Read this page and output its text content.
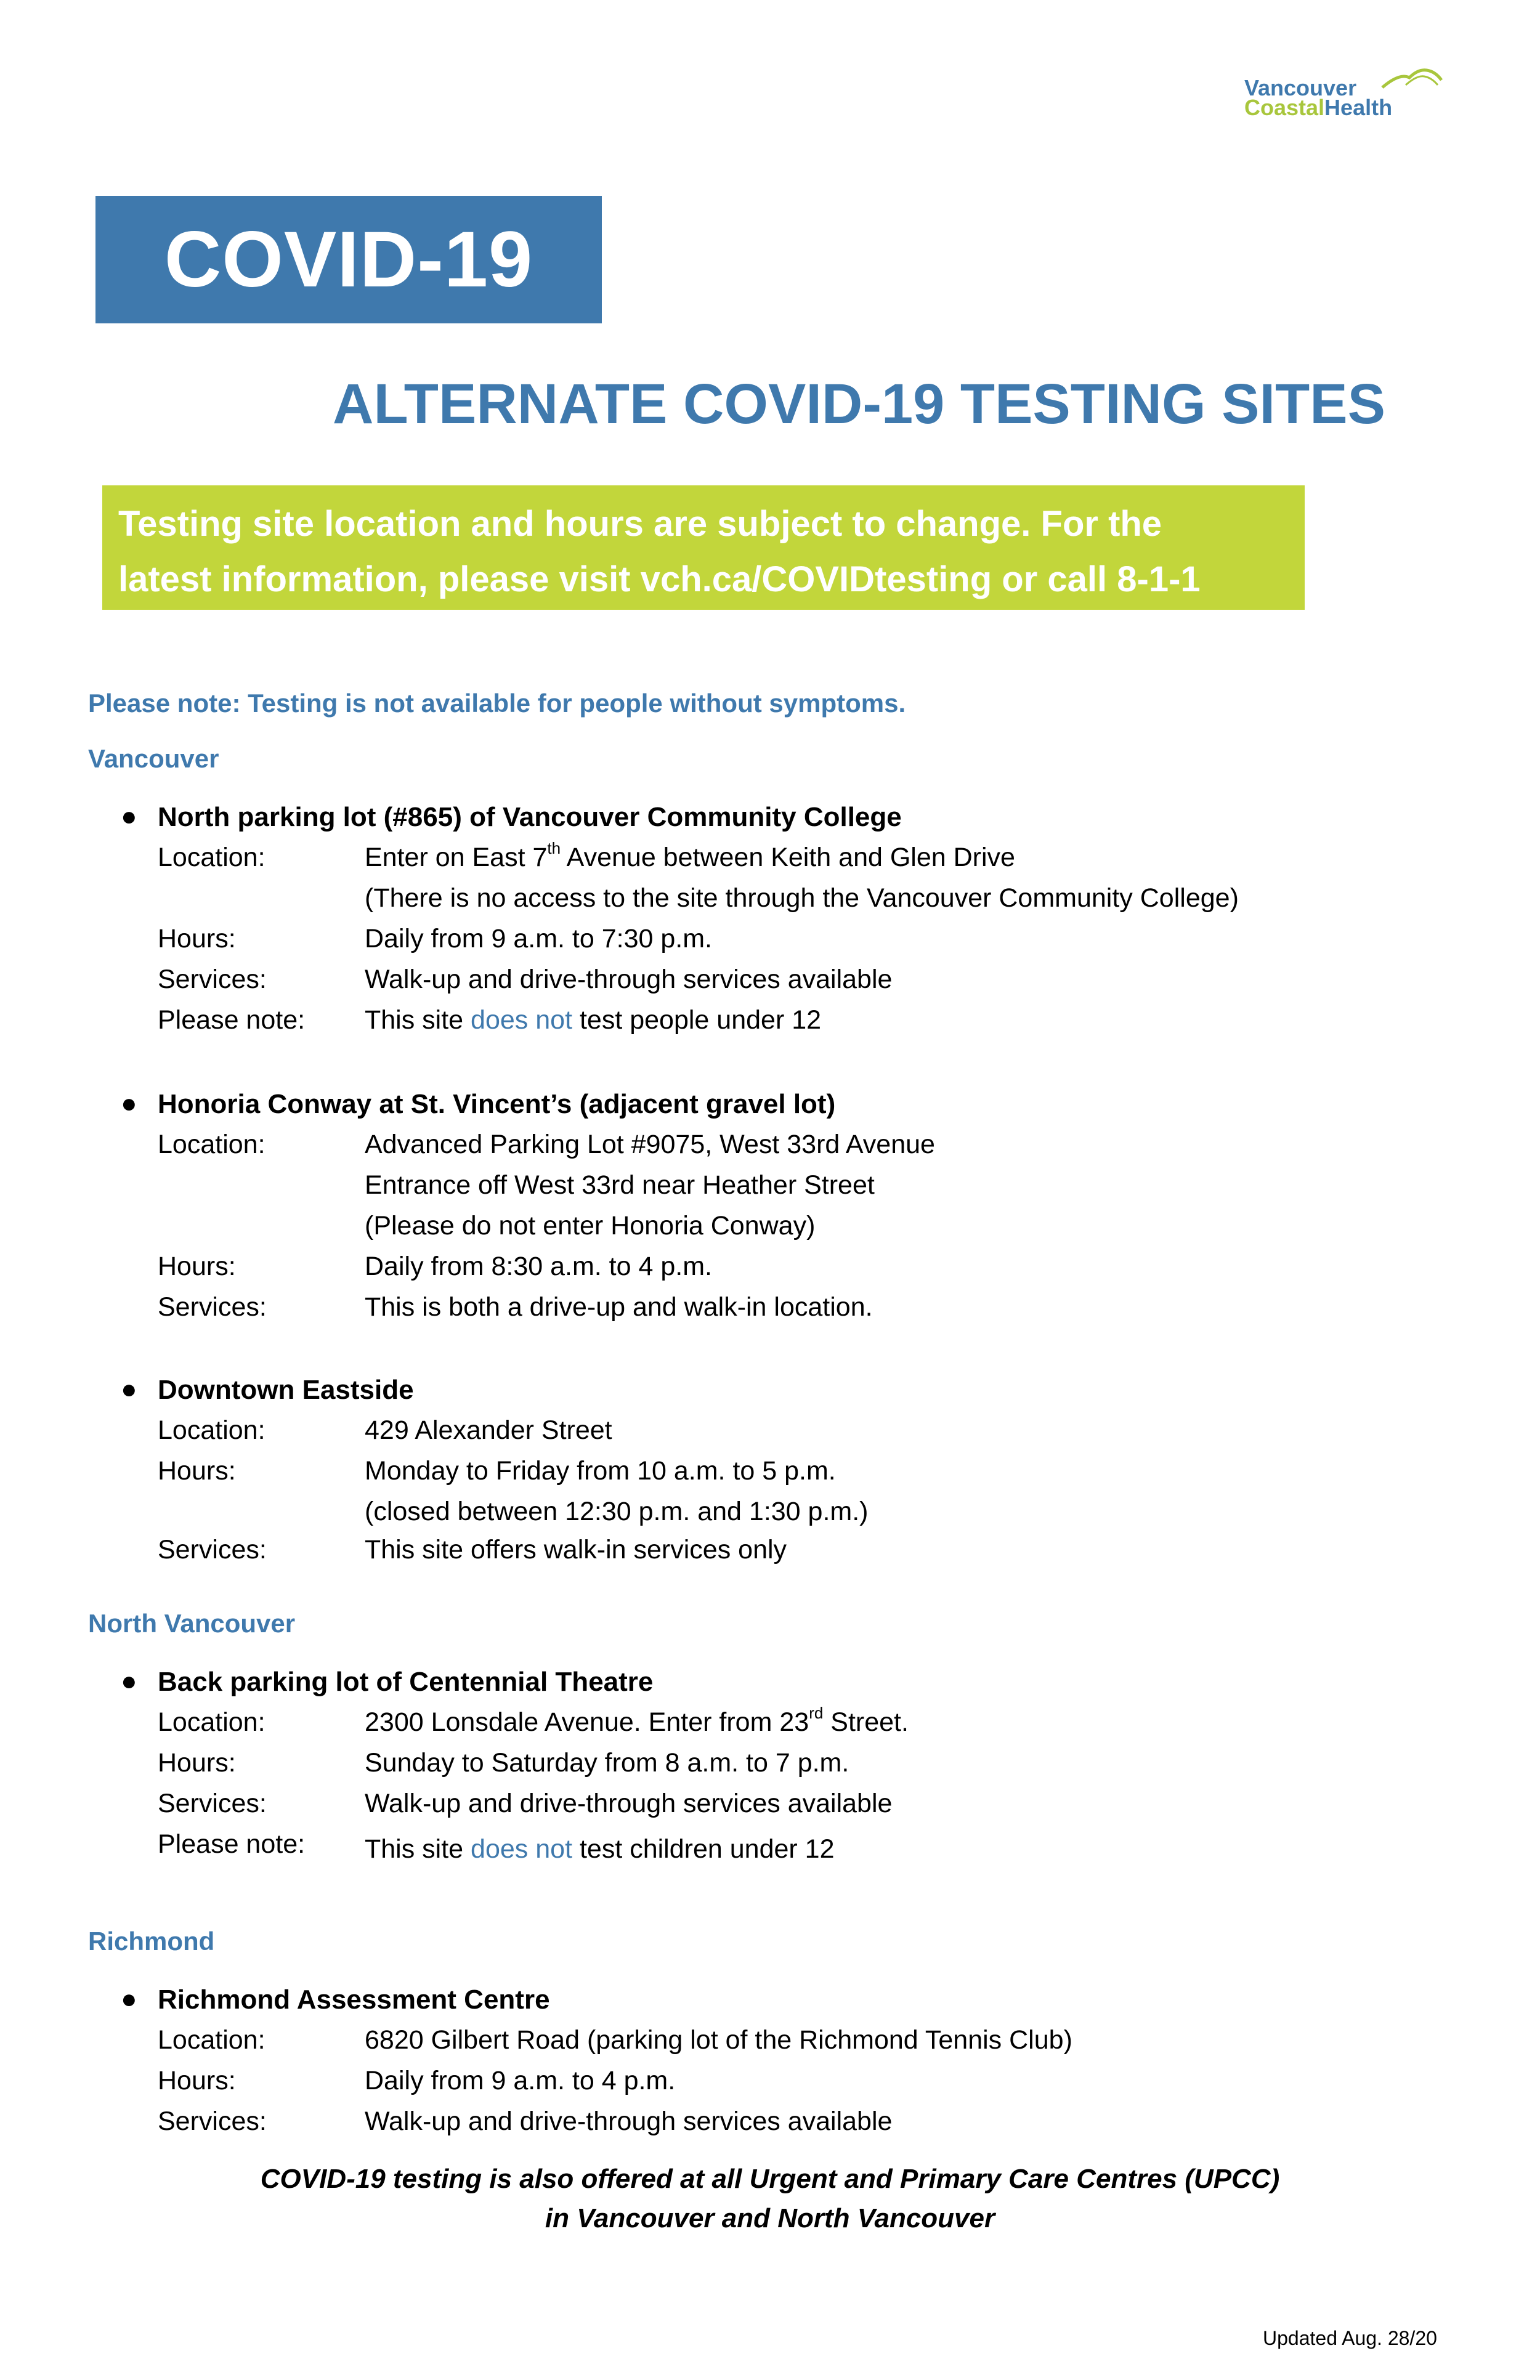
Vancouver
CoastalHealth
COVID-19
ALTERNATE COVID-19 TESTING SITES
Testing site location and hours are subject to change. For the
latest information, please visit vch.ca/COVIDtesting or call 8-1-1
Please note: Testing is not available for people without symptoms.
Vancouver
● North parking lot (#865) of Vancouver Community College
Location:	Enter on East 7th Avenue between Keith and Glen Drive
(There is no access to the site through the Vancouver Community College)
Hours:	Daily from 9 a.m. to 7:30 p.m.
Services:	Walk-up and drive-through services available
Please note: This site does not test people under 12
● Honoria Conway at St. Vincent’s (adjacent gravel lot)
Location:	Advanced Parking Lot #9075, West 33rd Avenue
Entrance off West 33rd near Heather Street
(Please do not enter Honoria Conway)
Hours:	Daily from 8:30 a.m. to 4 p.m.
Services:	This is both a drive-up and walk-in location.
● Downtown Eastside
Location:	429 Alexander Street
Hours:	Monday to Friday from 10 a.m. to 5 p.m.
(closed between 12:30 p.m. and 1:30 p.m.)
Services:	This site offers walk-in services only
North Vancouver
● Back parking lot of Centennial Theatre
Location:	2300 Lonsdale Avenue. Enter from 23rd Street.
Hours:	Sunday to Saturday from 8 a.m. to 7 p.m.
Services:	Walk-up and drive-through services available
Please note: This site does not test children under 12
Richmond
● Richmond Assessment Centre
Location:	6820 Gilbert Road (parking lot of the Richmond Tennis Club)
Hours:	Daily from 9 a.m. to 4 p.m.
Services:	Walk-up and drive-through services available
COVID-19 testing is also offered at all Urgent and Primary Care Centres (UPCC)
in Vancouver and North Vancouver
Updated Aug. 28/20
